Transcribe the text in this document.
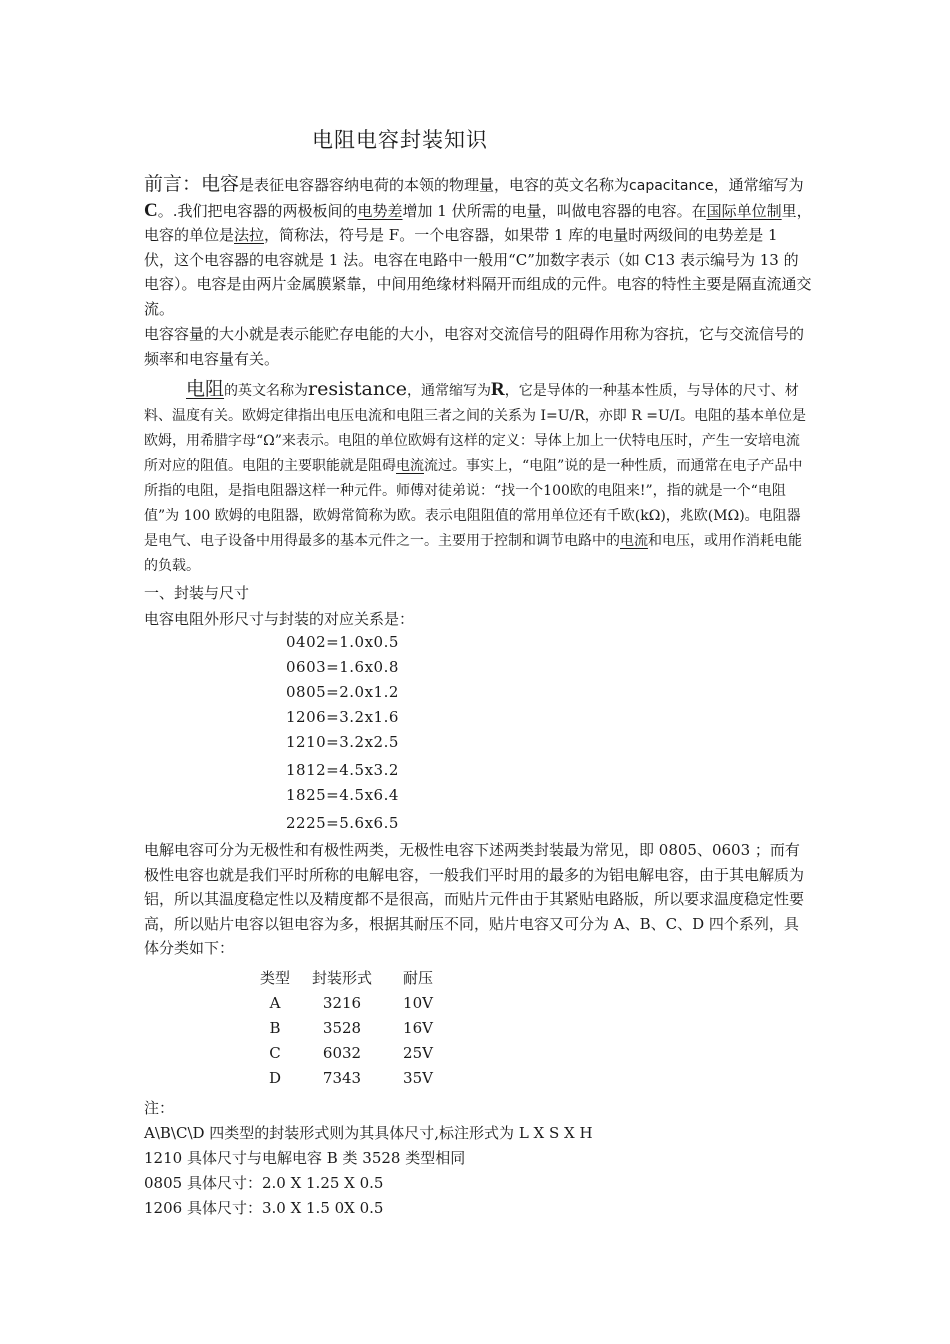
电阻电容封装知识

前言：电容是表征电容器容纳电荷的本领的物理量，电容的英文名称为capacitance，通常缩写为C。.我们把电容器的两极板间的电势差增加 1 伏所需的电量，叫做电容器的电容。在国际单位制里，电容的单位是法拉，简称法，符号是 F。一个电容器，如果带 1 库的电量时两级间的电势差是 1 伏，这个电容器的电容就是 1 法。电容在电路中一般用“C”加数字表示（如 C13 表示编号为 13 的电容）。电容是由两片金属膜紧靠，中间用绝缘材料隔开而组成的元件。电容的特性主要是隔直流通交流。

电容容量的大小就是表示能贮存电能的大小，电容对交流信号的阻碍作用称为容抗，它与交流信号的频率和电容量有关。

电阻的英文名称为resistance，通常缩写为R，它是导体的一种基本性质，与导体的尺寸、材料、温度有关。欧姆定律指出电压电流和电阻三者之间的关系为 I=U/R，亦即 R =U/I。电阻的基本单位是欧姆，用希腊字母“Ω”来表示。电阻的单位欧姆有这样的定义：导体上加上一伏特电压时，产生一安培电流所对应的阻值。电阻的主要职能就是阻碍电流流过。事实上，“电阻”说的是一种性质，而通常在电子产品中所指的电阻，是指电阻器这样一种元件。师傅对徒弟说：“找一个100欧的电阻来!”，指的就是一个“电阻值”为 100 欧姆的电阻器，欧姆常简称为欧。表示电阻阻值的常用单位还有千欧(kΩ)，兆欧(MΩ)。电阻器是电气、电子设备中用得最多的基本元件之一。主要用于控制和调节电路中的电流和电压，或用作消耗电能的负载。

一、封装与尺寸
电容电阻外形尺寸与封装的对应关系是：
0402=1.0x0.5
0603=1.6x0.8
0805=2.0x1.2
1206=3.2x1.6
1210=3.2x2.5
1812=4.5x3.2
1825=4.5x6.4
2225=5.6x6.5

电解电容可分为无极性和有极性两类，无极性电容下述两类封装最为常见，即 0805、0603 ；而有极性电容也就是我们平时所称的电解电容，一般我们平时用的最多的为铝电解电容，由于其电解质为铝，所以其温度稳定性以及精度都不是很高，而贴片元件由于其紧贴电路版，所以要求温度稳定性要高，所以贴片电容以钽电容为多，根据其耐压不同，贴片电容又可分为 A、B、C、D 四个系列，具体分类如下：

类型	封装形式	耐压
A	3216	10V
B	3528	16V
C	6032	25V
D	7343	35V
注：
A\B\C\D 四类型的封装形式则为其具体尺寸,标注形式为 L X S X H
1210 具体尺寸与电解电容 B 类 3528 类型相同
0805 具体尺寸：2.0 X 1.25 X 0.5
1206 具体尺寸：3.0 X 1.5 0X 0.5
